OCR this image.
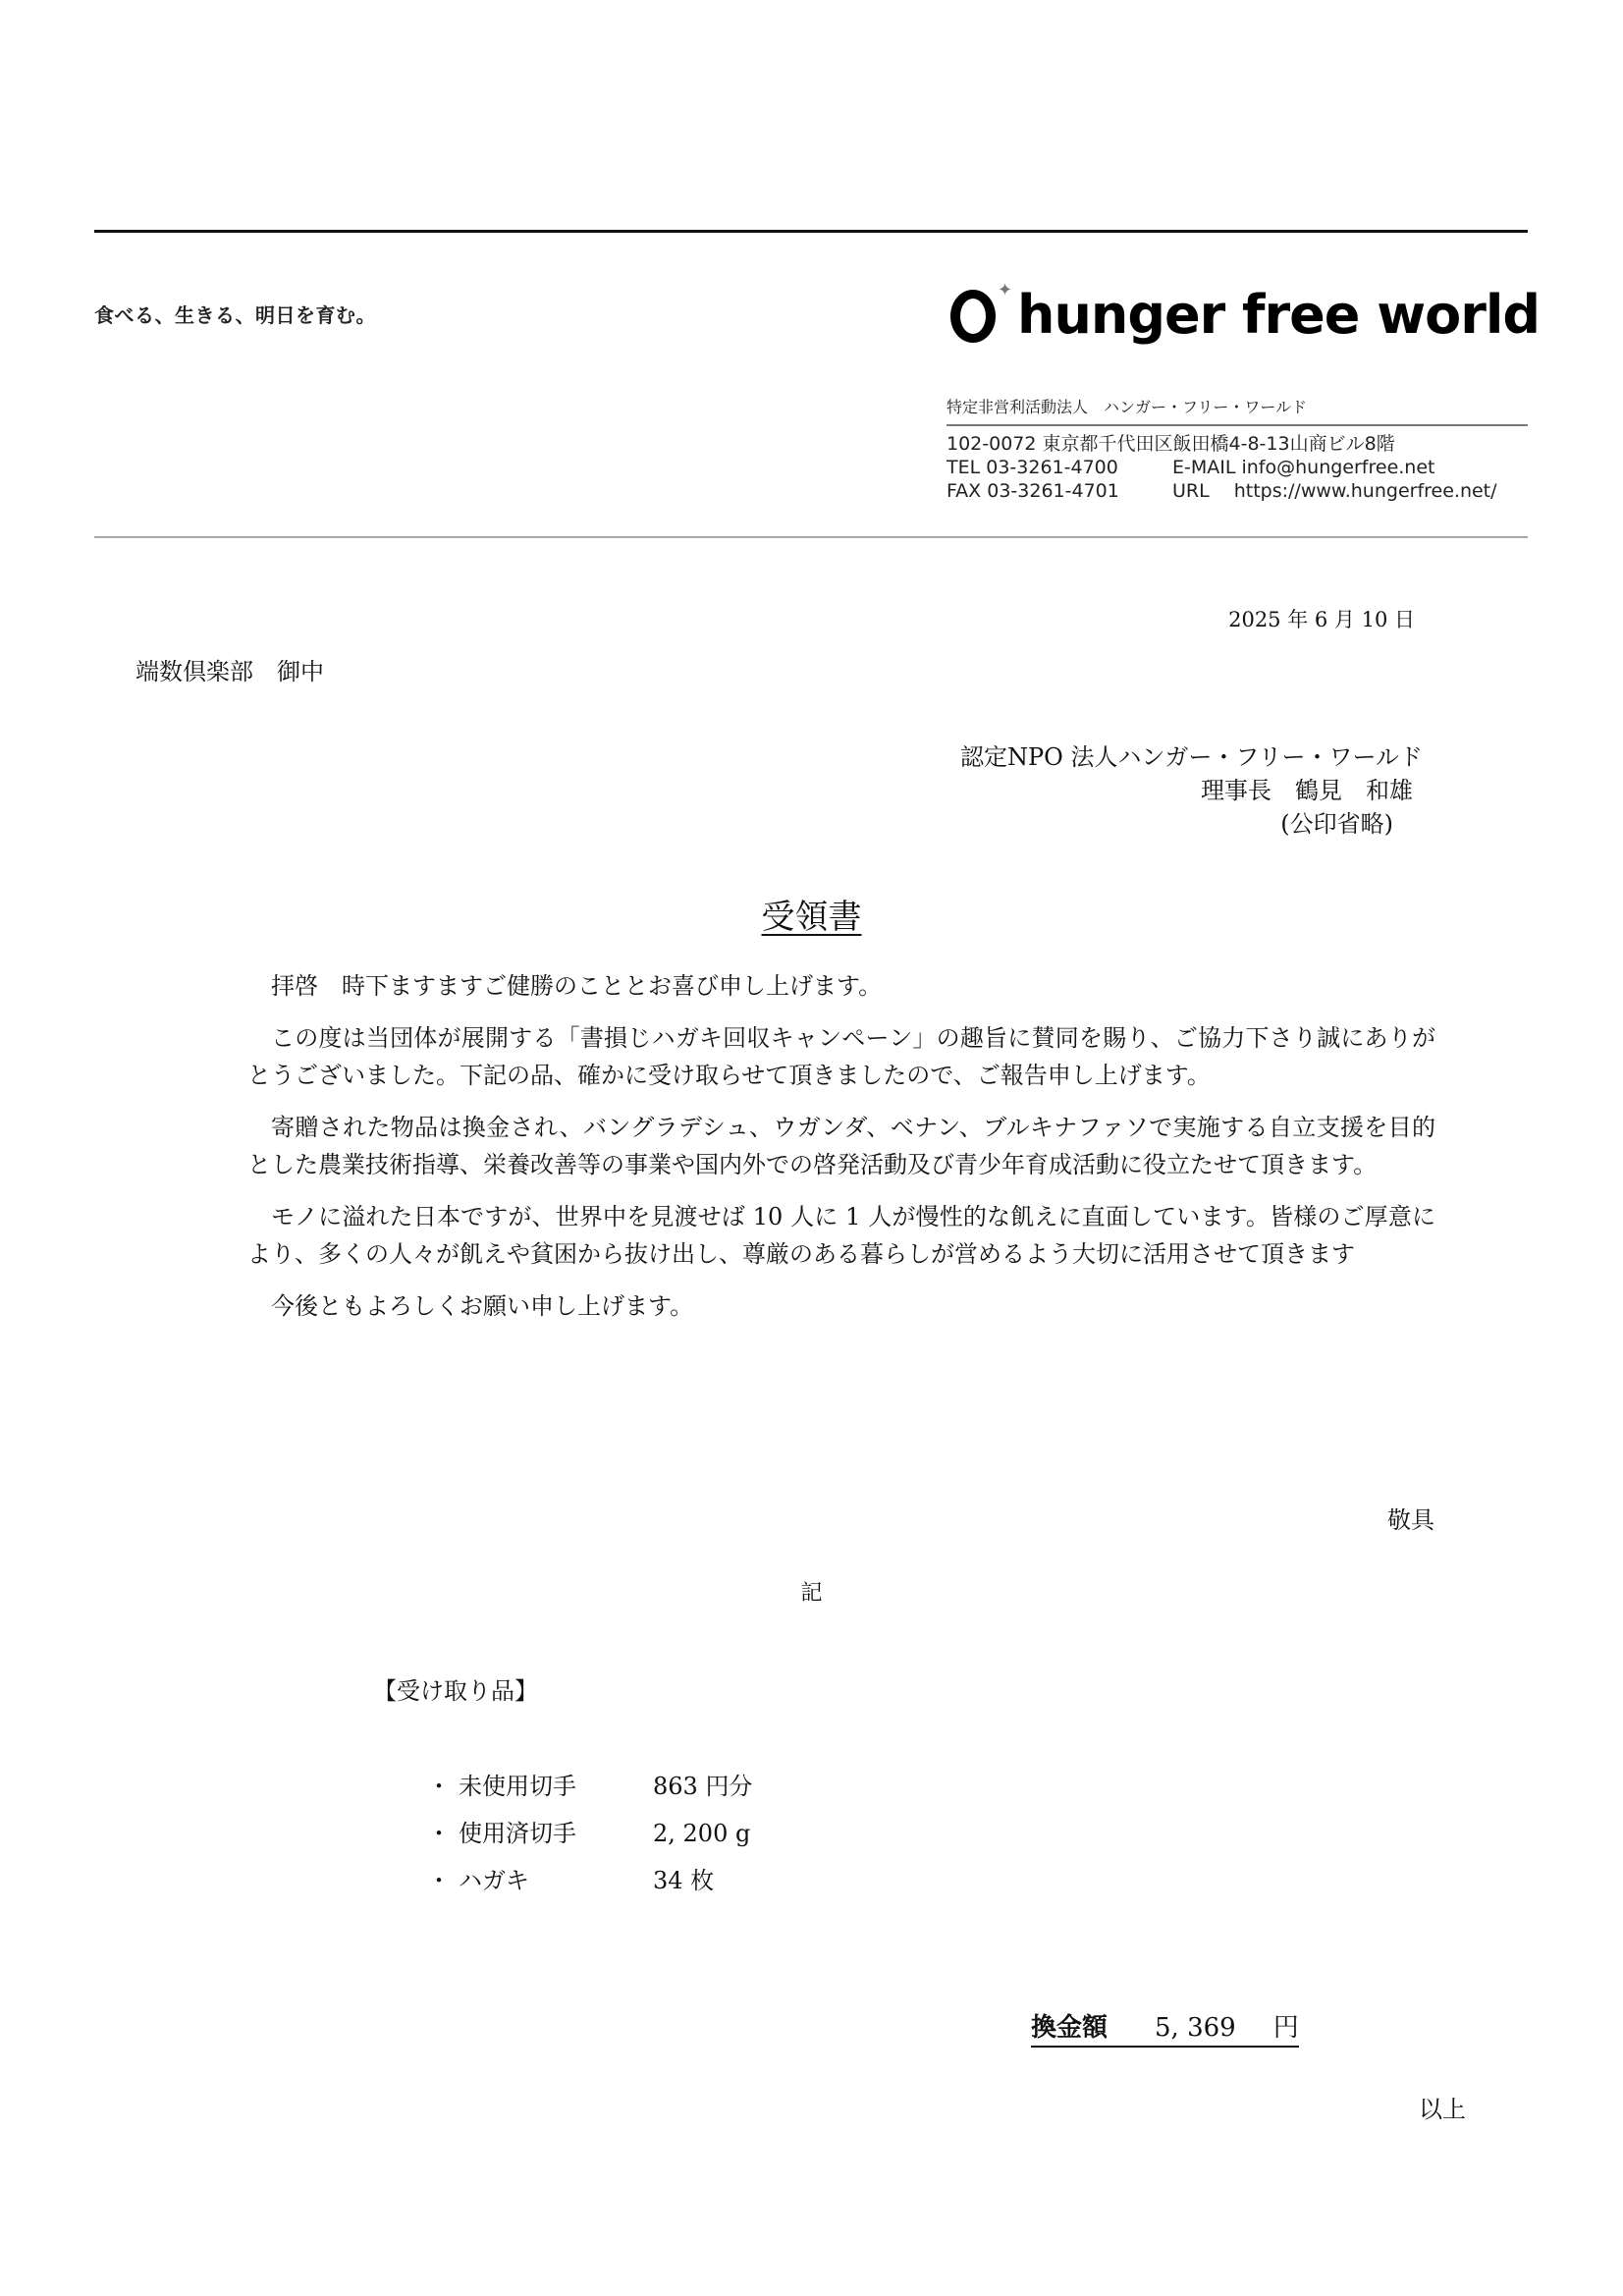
食べる、生きる、明日を育む。
✦ hunger free world
特定非営利活動法人　ハンガー・フリー・ワールド
102-0072 東京都千代田区飯田橋4-8-13山商ビル8階
TEL 03-3261-4700	E-MAIL info@hungerfree.net
FAX 03-3261-4701	URL　 https://www.hungerfree.net/
2025 年 6 月 10 日
端数倶楽部　御中
認定NPO 法人ハンガー・フリー・ワールド
理事長　鶴見　和雄
(公印省略)
受領書

拝啓　時下ますますご健勝のこととお喜び申し上げます。

この度は当団体が展開する「書損じハガキ回収キャンペーン」の趣旨に賛同を賜り、ご協力下さり誠にありがとうございました。下記の品、確かに受け取らせて頂きましたので、ご報告申し上げます。

寄贈された物品は換金され、バングラデシュ、ウガンダ、ベナン、ブルキナファソで実施する自立支援を目的とした農業技術指導、栄養改善等の事業や国内外での啓発活動及び青少年育成活動に役立たせて頂きます。

モノに溢れた日本ですが、世界中を見渡せば 10 人に 1 人が慢性的な飢えに直面しています。皆様のご厚意により、多くの人々が飢えや貧困から抜け出し、尊厳のある暮らしが営めるよう大切に活用させて頂きます

今後ともよろしくお願い申し上げます。

敬具
記
【受け取り品】
・ 未使用切手	863 円分
・ 使用済切手	2, 200 g
・ ハガキ	34 枚
換金額 5, 369 円
以上
